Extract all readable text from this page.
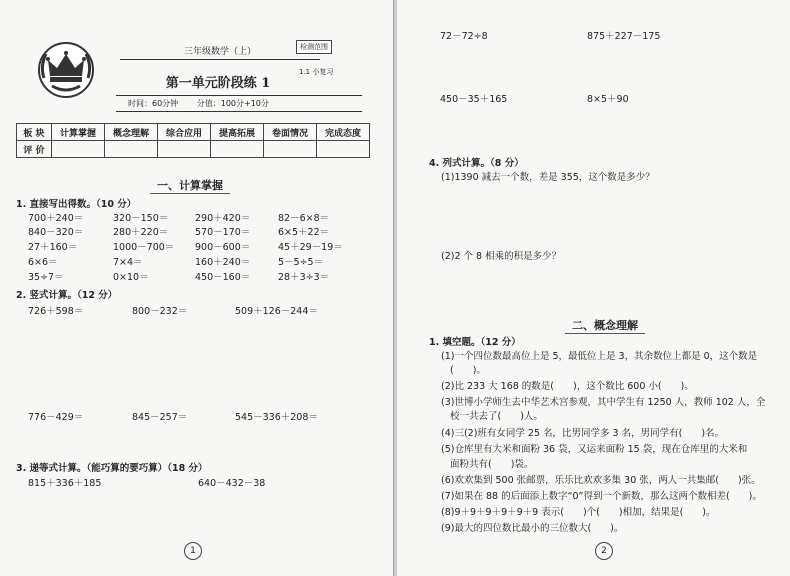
三年级数学（上）	检测范围
1.1 小复习
第一单元阶段练 1
时间：60分钟 分值：100分+10分
板 块	计算掌握	概念理解	综合应用	提高拓展	卷面情况	完成态度
评 价						
一、计算掌握
1. 直接写出得数。（10 分）
700＋240＝	320－150＝	290＋420＝	82－6×8＝
840－320＝	280＋220＝	570－170＝	6×5＋22＝
27＋160＝	1000－700＝ 900－600＝	45＋29－19＝
6×6＝	7×4＝	160＋240＝	5－5÷5＝
35÷7＝	0×10＝	450－160＝	28＋3÷3＝
2. 竖式计算。（12 分）
726＋598＝	800－232＝	509＋126－244＝
776－429＝	845－257＝	545－336＋208＝
3. 递等式计算。（能巧算的要巧算）（18 分）
815＋336＋185	640－432－38
1
72－72÷8	875＋227－175
450－35＋165	8×5＋90
4. 列式计算。（8 分）
(1)1390 减去一个数，差是 355，这个数是多少？
(2)2 个 8 相乘的积是多少？
二、概念理解
1. 填空题。（12 分）
(1)一个四位数最高位上是 5，最低位上是 3，其余数位上都是 0，这个数是
(　　)。
(2)比 233 大 168 的数是(　　)，这个数比 600 小(　　)。
(3)世博小学师生去中华艺术宫参观，其中学生有 1250 人，教师 102 人，全
校一共去了(　　)人。
(4)三(2)班有女同学 25 名，比男同学多 3 名，男同学有(　　)名。
(5)仓库里有大米和面粉 36 袋，又运来面粉 15 袋，现在仓库里的大米和
面粉共有(　　)袋。
(6)欢欢集到 500 张邮票，乐乐比欢欢多集 30 张，两人一共集邮(　　)张。
(7)如果在 88 的后面添上数字“0”得到一个新数，那么这两个数相差(　　)。
(8)9＋9＋9＋9＋9＋9 表示(　　)个(　　)相加，结果是(　　)。
(9)最大的四位数比最小的三位数大(　　)。
2
